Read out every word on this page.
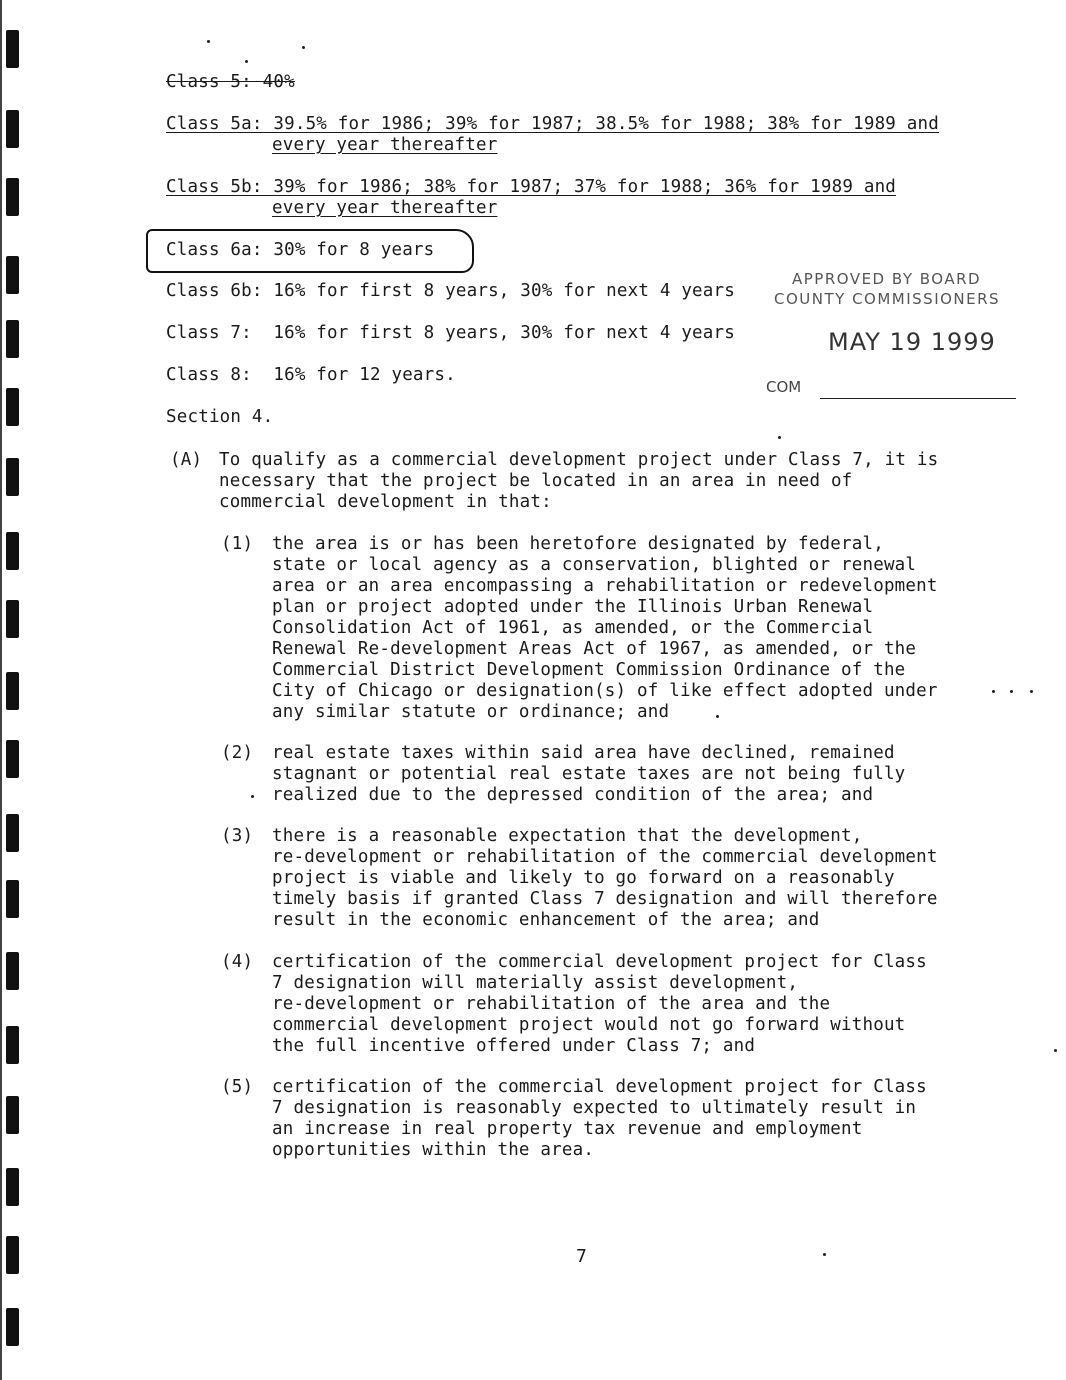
Class 5: 40%
Class 5a: 39.5% for 1986; 39% for 1987; 38.5% for 1988; 38% for 1989 and
every year thereafter
Class 5b: 39% for 1986; 38% for 1987; 37% for 1988; 36% for 1989 and
every year thereafter
Class 6a: 30% for 8 years
Class 6b: 16% for first 8 years, 30% for next 4 years
Class 7:  16% for first 8 years, 30% for next 4 years
Class 8:  16% for 12 years.
APPROVED BY BOARD
COUNTY COMMISSIONERS
MAY 19 1999
COM
Section 4.
(A) To qualify as a commercial development project under Class 7, it is
necessary that the project be located in an area in need of
commercial development in that:
(1) the area is or has been heretofore designated by federal,
state or local agency as a conservation, blighted or renewal
area or an area encompassing a rehabilitation or redevelopment
plan or project adopted under the Illinois Urban Renewal
Consolidation Act of 1961, as amended, or the Commercial
Renewal Re-development Areas Act of 1967, as amended, or the
Commercial District Development Commission Ordinance of the
City of Chicago or designation(s) of like effect adopted under
any similar statute or ordinance; and
(2) real estate taxes within said area have declined, remained
stagnant or potential real estate taxes are not being fully
realized due to the depressed condition of the area; and
(3) there is a reasonable expectation that the development,
re-development or rehabilitation of the commercial development
project is viable and likely to go forward on a reasonably
timely basis if granted Class 7 designation and will therefore
result in the economic enhancement of the area; and
(4) certification of the commercial development project for Class
7 designation will materially assist development,
re-development or rehabilitation of the area and the
commercial development project would not go forward without
the full incentive offered under Class 7; and
(5) certification of the commercial development project for Class
7 designation is reasonably expected to ultimately result in
an increase in real property tax revenue and employment
opportunities within the area.
7
